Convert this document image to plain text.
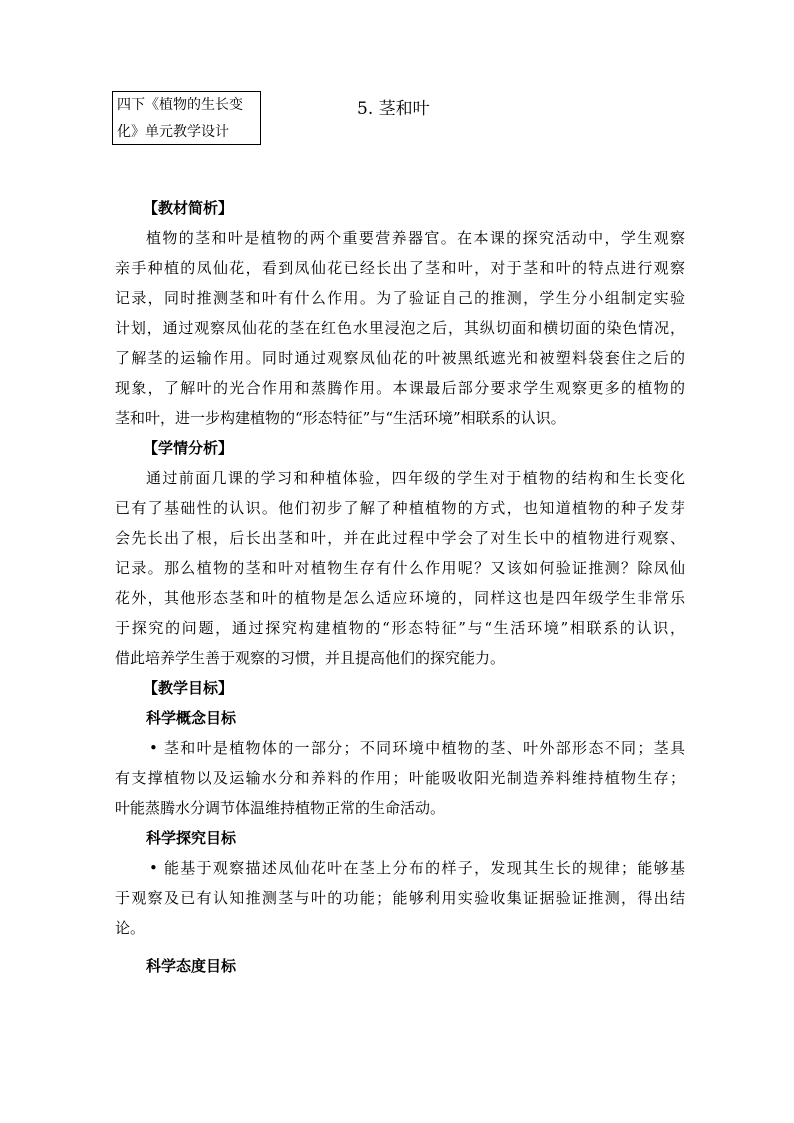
四下《植物的生长变
化》单元教学设计
5. 茎和叶
【教材简析】
植物的茎和叶是植物的两个重要营养器官。在本课的探究活动中，学生观察
亲手种植的凤仙花，看到凤仙花已经长出了茎和叶，对于茎和叶的特点进行观察
记录，同时推测茎和叶有什么作用。为了验证自己的推测，学生分小组制定实验
计划，通过观察凤仙花的茎在红色水里浸泡之后，其纵切面和横切面的染色情况，
了解茎的运输作用。同时通过观察凤仙花的叶被黑纸遮光和被塑料袋套住之后的
现象，了解叶的光合作用和蒸腾作用。本课最后部分要求学生观察更多的植物的
茎和叶，进一步构建植物的“形态特征”与“生活环境”相联系的认识。
【学情分析】
通过前面几课的学习和种植体验，四年级的学生对于植物的结构和生长变化
已有了基础性的认识。他们初步了解了种植植物的方式，也知道植物的种子发芽
会先长出了根，后长出茎和叶，并在此过程中学会了对生长中的植物进行观察、
记录。那么植物的茎和叶对植物生存有什么作用呢？又该如何验证推测？除凤仙
花外，其他形态茎和叶的植物是怎么适应环境的，同样这也是四年级学生非常乐
于探究的问题，通过探究构建植物的“形态特征”与“生活环境”相联系的认识，
借此培养学生善于观察的习惯，并且提高他们的探究能力。
【教学目标】
科学概念目标
• 茎和叶是植物体的一部分；不同环境中植物的茎、叶外部形态不同；茎具
有支撑植物以及运输水分和养料的作用；叶能吸收阳光制造养料维持植物生存；
叶能蒸腾水分调节体温维持植物正常的生命活动。
科学探究目标
• 能基于观察描述凤仙花叶在茎上分布的样子，发现其生长的规律；能够基
于观察及已有认知推测茎与叶的功能；能够利用实验收集证据验证推测，得出结
论。
科学态度目标
